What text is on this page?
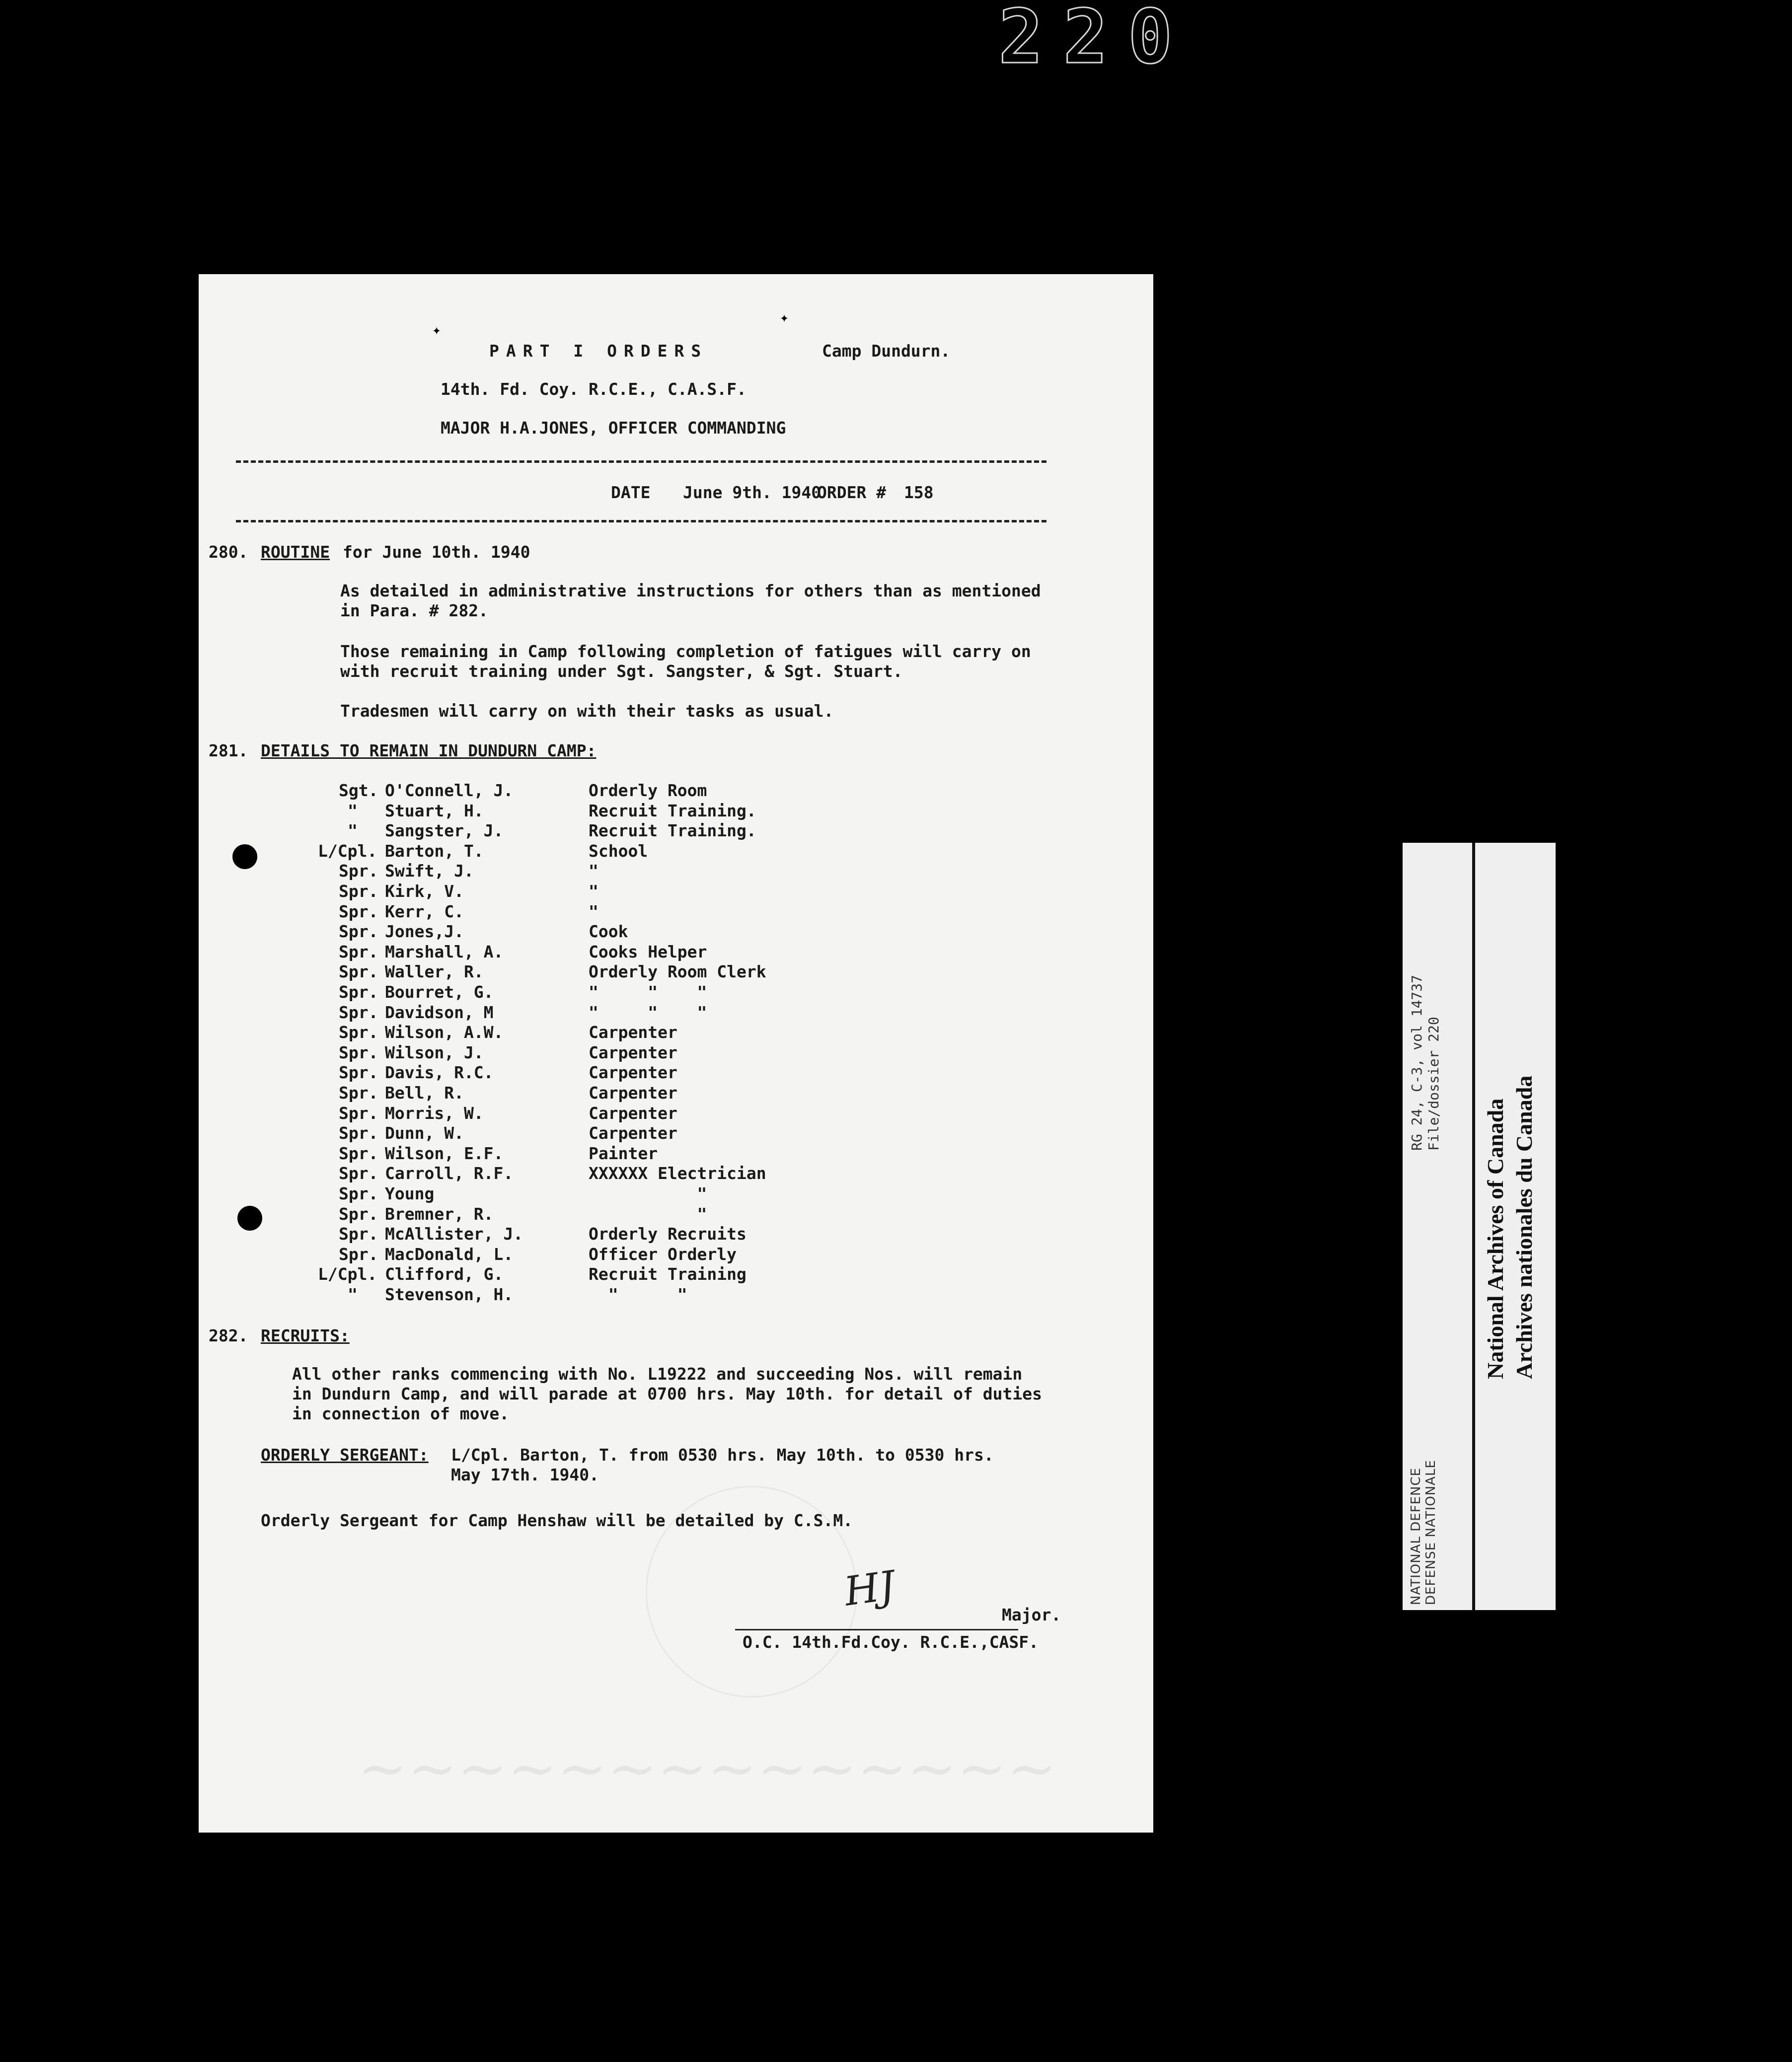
220
✦
✦
PART I ORDERS	Camp Dundurn.
14th. Fd. Coy. R.C.E., C.A.S.F.
MAJOR H.A.JONES, OFFICER COMMANDING
DATE June 9th. 1940
ORDER # 158
280. ROUTINE for June 10th. 1940
As detailed in administrative instructions for others than as mentioned
in Para. # 282.
Those remaining in Camp following completion of fatigues will carry on
with recruit training under Sgt. Sangster, & Sgt. Stuart.
Tradesmen will carry on with their tasks as usual.
281. DETAILS TO REMAIN IN DUNDURN CAMP:
Sgt. O'Connell, J.	Orderly Room
" Stuart, H.	Recruit Training.
" Sangster, J.	Recruit Training.
L/Cpl. Barton, T.	School
Spr. Swift, J.	"
Spr. Kirk, V.	"
Spr. Kerr, C.	"
Spr. Jones,J.	Cook
Spr. Marshall, A.	Cooks Helper
Spr. Waller, R.	Orderly Room Clerk
Spr. Bourret, G.	"     "    "
Spr. Davidson, M	"     "    "
Spr. Wilson, A.W.	Carpenter
Spr. Wilson, J.	Carpenter
Spr. Davis, R.C.	Carpenter
Spr. Bell, R.	Carpenter
Spr. Morris, W.	Carpenter
Spr. Dunn, W.	Carpenter
Spr. Wilson, E.F.	Painter
Spr. Carroll, R.F.	XXXXXX Electrician
Spr. Young	"
Spr. Bremner, R.	"
Spr. McAllister, J.	Orderly Recruits
Spr. MacDonald, L.	Officer Orderly
L/Cpl. Clifford, G.	Recruit Training
" Stevenson, H.	"      "
282. RECRUITS:
All other ranks commencing with No. L19222 and succeeding Nos. will remain
in Dundurn Camp, and will parade at 0700 hrs. May 10th. for detail of duties
in connection of move.
ORDERLY SERGEANT: L/Cpl. Barton, T. from 0530 hrs. May 10th. to 0530 hrs.
May 17th. 1940.
Orderly Sergeant for Camp Henshaw will be detailed by C.S.M.
HJ	Major.
O.C. 14th.Fd.Coy. R.C.E.,CASF.
~~~~~~~~~~~~~~
NATIONAL DEFENCE DEFENSE NATIONALE
RG 24, C-3, vol 14737 File/dossier 220
National Archives of Canada Archives nationales du Canada
